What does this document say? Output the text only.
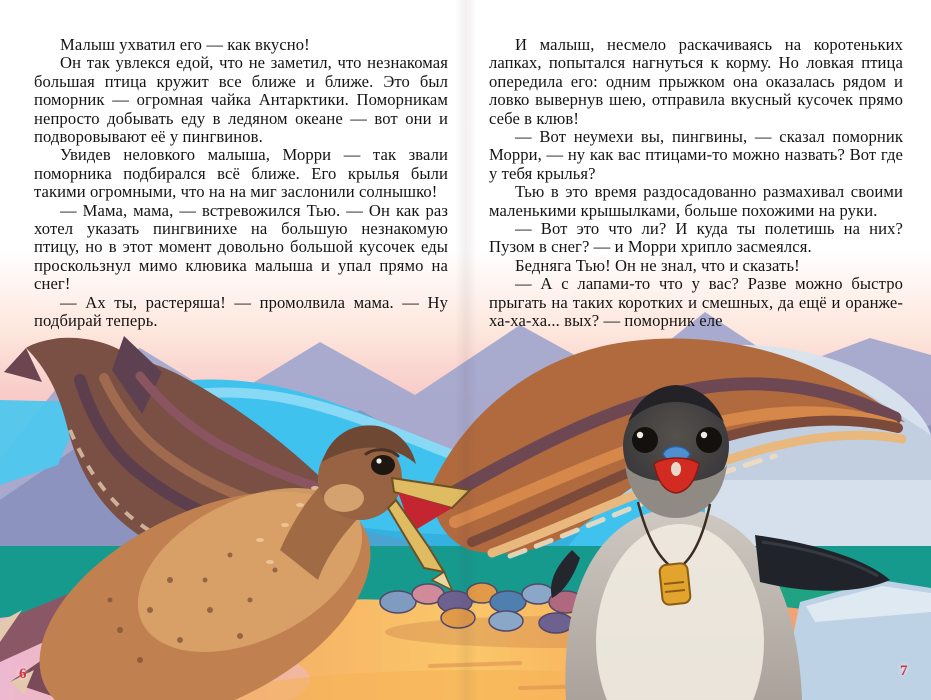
Малыш ухватил его — как вкусно!

Он так увлекся едой, что не заметил, что незнакомая большая птица кружит все ближе и ближе. Это был поморник — огромная чайка Антарктики. Поморникам непросто добывать еду в ледяном океане — вот они и подворовывают её у пингвинов.

Увидев неловкого малыша, Морри — так звали поморника подбирался всё ближе. Его крылья были такими огромными, что на на миг заслонили солнышко!

— Мама, мама, — встревожился Тью. — Он как раз хотел указать пингвинихе на большую незнакомую птицу, но в этот момент довольно большой кусочек еды проскользнул мимо клювика малыша и упал прямо на снег!

— Ах ты, растеряша! — промолвила мама. — Ну подбирай теперь.

И малыш, несмело раскачиваясь на коротеньких лапках, попытался нагнуться к корму. Но ловкая птица опередила его: одним прыжком она оказалась рядом и ловко вывернув шею, отправила вкусный кусочек прямо себе в клюв!

— Вот неумехи вы, пингвины, — сказал поморник Морри, — ну как вас птицами-то можно назвать? Вот где у тебя крылья?

Тью в это время раздосадованно размахивал своими маленькими крышылками, больше похожими на руки.

— Вот это что ли? И куда ты полетишь на них? Пузом в снег? — и Морри хрипло засмеялся.

Бедняга Тью! Он не знал, что и сказать!

— А с лапами-то что у вас? Разве можно быстро прыгать на таких коротких и смешных, да ещё и оранже-ха-ха-ха... вых? — поморник еле

6	7
